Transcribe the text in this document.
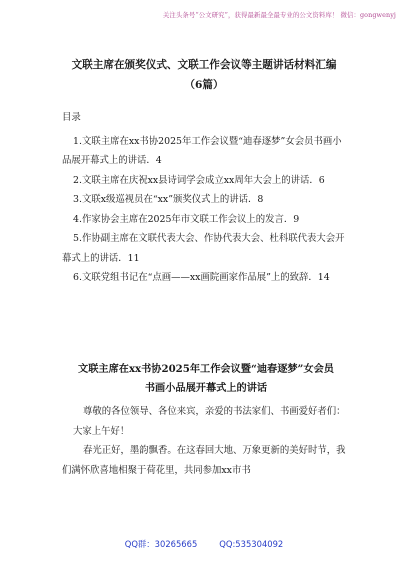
关注头条号“公文研究”，获得最新最全最专业的公文资料库！ 微信：gongwenyj
文联主席在颁奖仪式、文联工作会议等主题讲话材料汇编
（6篇）

目录

1.文联主席在xx书协2025年工作会议暨“迪春逐梦”女会员书画小品展开幕式上的讲话．4

2.文联主席在庆祝xx县诗词学会成立xx周年大会上的讲话．6

3.文联x级巡视员在“xx”颁奖仪式上的讲话．8

4.作家协会主席在2025年市文联工作会议上的发言．9

5.作协副主席在文联代表大会、作协代表大会、杜科联代表大会开幕式上的讲话．11

6.文联党组书记在“点画——xx画院画家作品展”上的致辞．14

文联主席在xx书协2025年工作会议暨“迪春逐梦”女会员
书画小品展开幕式上的讲话

尊敬的各位领导、各位来宾，亲爱的书法家们、书画爱好者们：

大家上午好！

春光正好，墨韵飘香。在这春回大地、万象更新的美好时节，我们满怀欣喜地相聚于荷花里，共同参加xx市书

QQ群：30265665	QQ:535304092
